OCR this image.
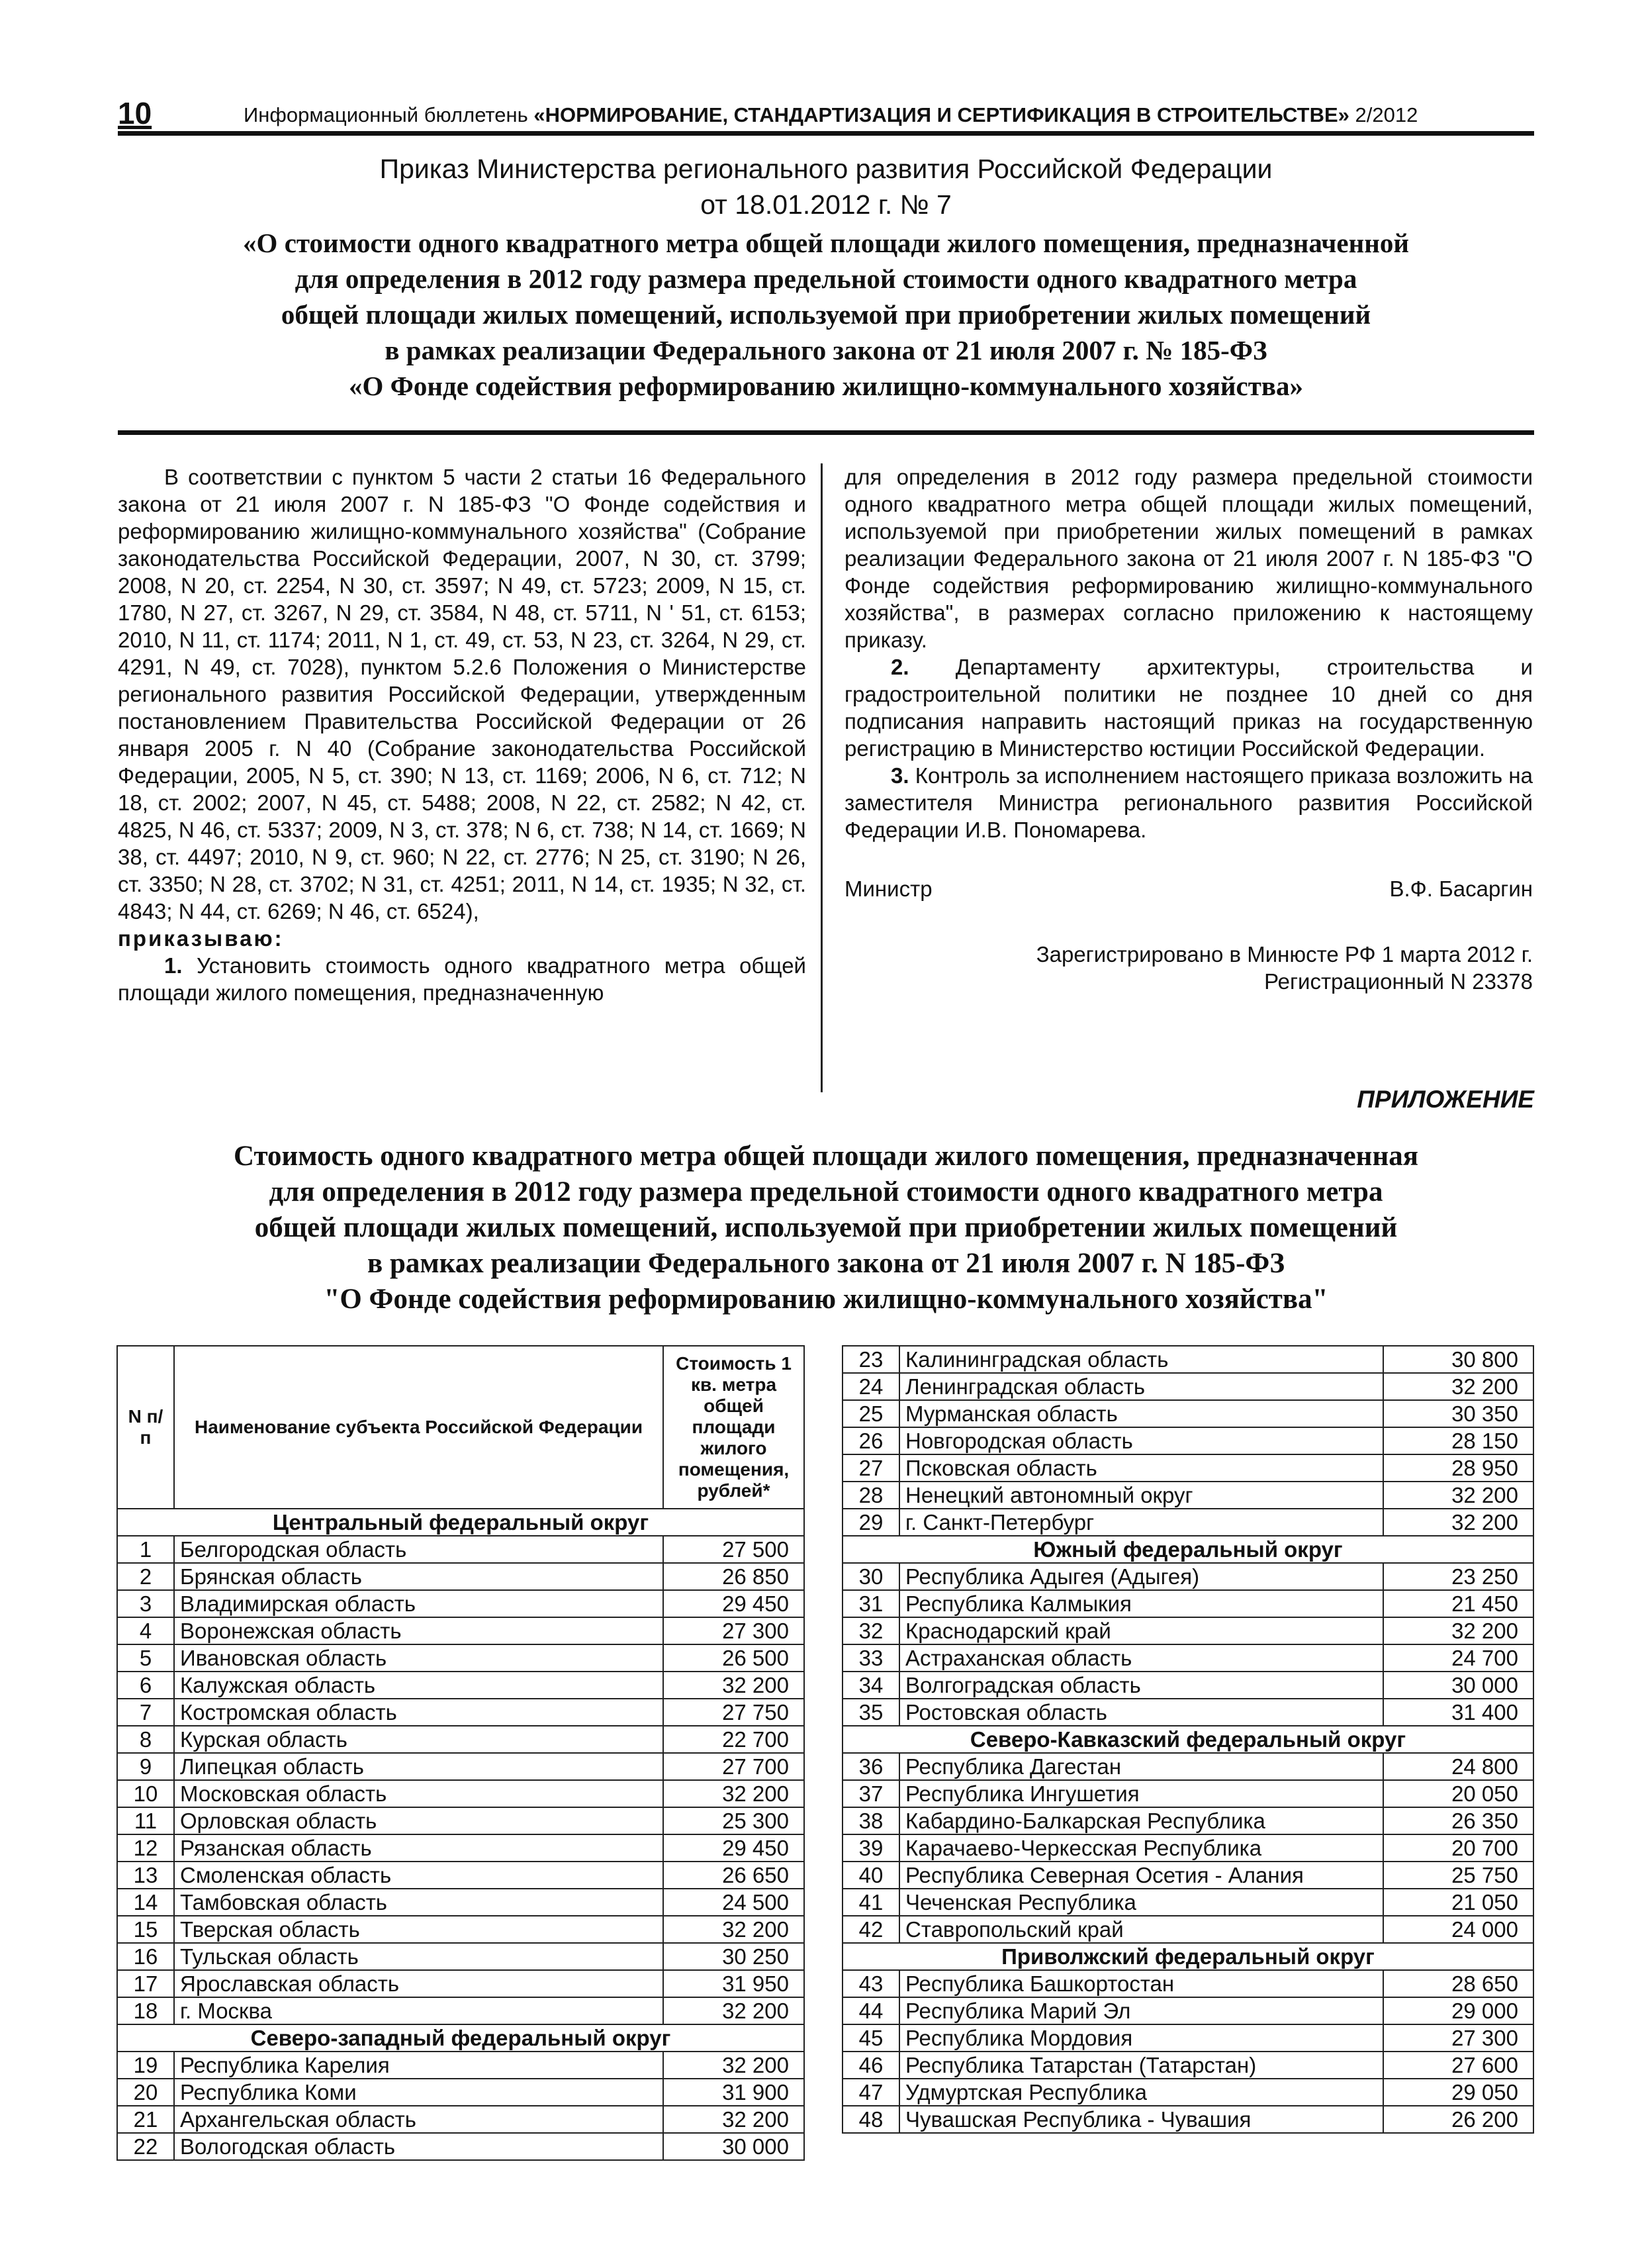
10	Информационный бюллетень «НОРМИРОВАНИЕ, СТАНДАРТИЗАЦИЯ И СЕРТИФИКАЦИЯ В СТРОИТЕЛЬСТВЕ» 2/2012
Приказ Министерства регионального развития Российской Федерации
от 18.01.2012 г. № 7
«О стоимости одного квадратного метра общей площади жилого помещения, предназначенной
для определения в 2012 году размера предельной стоимости одного квадратного метра
общей площади жилых помещений, используемой при приобретении жилых помещений
в рамках реализации Федерального закона от 21 июля 2007 г. № 185-ФЗ
«О Фонде содействия реформированию жилищно-коммунального хозяйства»

В соответствии с пунктом 5 части 2 статьи 16 Федерального закона от 21 июля 2007 г. N 185-ФЗ "О Фонде содействия и реформированию жилищно-коммунального хозяйства" (Собрание законодательства Российской Федерации, 2007, N 30, ст. 3799; 2008, N 20, ст. 2254, N 30, ст. 3597; N 49, ст. 5723; 2009, N 15, ст. 1780, N 27, ст. 3267, N 29, ст. 3584, N 48, ст. 5711, N ' 51, ст. 6153; 2010, N 11, ст. 1174; 2011, N 1, ст. 49, ст. 53, N 23, ст. 3264, N 29, ст. 4291, N 49, ст. 7028), пунктом 5.2.6 Положения о Министерстве регионального развития Российской Федерации, утвержденным постановлением Правительства Российской Федерации от 26 января 2005 г. N 40 (Собрание законодательства Российской Федерации, 2005, N 5, ст. 390; N 13, ст. 1169; 2006, N 6, ст. 712; N 18, ст. 2002; 2007, N 45, ст. 5488; 2008, N 22, ст. 2582; N 42, ст. 4825, N 46, ст. 5337; 2009, N 3, ст. 378; N 6, ст. 738; N 14, ст. 1669; N 38, ст. 4497; 2010, N 9, ст. 960; N 22, ст. 2776; N 25, ст. 3190; N 26, ст. 3350; N 28, ст. 3702; N 31, ст. 4251; 2011, N 14, ст. 1935; N 32, ст. 4843; N 44, ст. 6269; N 46, ст. 6524),

приказываю:

1. Установить стоимость одного квадратного метра общей площади жилого помещения, предназначенную

для определения в 2012 году размера предельной стоимости одного квадратного метра общей площади жилых помещений, используемой при приобретении жилых помещений в рамках реализации Федерального закона от 21 июля 2007 г. N 185-ФЗ "О Фонде содействия реформированию жилищно-коммунального хозяйства", в размерах согласно приложению к настоящему приказу.

2. Департаменту архитектуры, строительства и градостроительной политики не позднее 10 дней со дня подписания направить настоящий приказ на государственную регистрацию в Министерство юстиции Российской Федерации.

3. Контроль за исполнением настоящего приказа возложить на заместителя Министра регионального развития Российской Федерации И.В. Пономарева.

Министр	В.Ф. Басаргин
Зарегистрировано в Минюсте РФ 1 марта 2012 г.
Регистрационный N 23378
ПРИЛОЖЕНИЕ
Стоимость одного квадратного метра общей площади жилого помещения, предназначенная
для определения в 2012 году размера предельной стоимости одного квадратного метра
общей площади жилых помещений, используемой при приобретении жилых помещений
в рамках реализации Федерального закона от 21 июля 2007 г. N 185-ФЗ
"О Фонде содействия реформированию жилищно-коммунального хозяйства"
N п/п	Наименование субъекта Российской Федерации	Стоимость 1 кв. метра общей площади жилого помещения, рублей*
Центральный федеральный округ		
1	Белгородская область	27 500
2	Брянская область	26 850
3	Владимирская область	29 450
4	Воронежская область	27 300
5	Ивановская область	26 500
6	Калужская область	32 200
7	Костромская область	27 750
8	Курская область	22 700
9	Липецкая область	27 700
10	Московская область	32 200
11	Орловская область	25 300
12	Рязанская область	29 450
13	Смоленская область	26 650
14	Тамбовская область	24 500
15	Тверская область	32 200
16	Тульская область	30 250
17	Ярославская область	31 950
18	г. Москва	32 200
Северо-западный федеральный округ		
19	Республика Карелия	32 200
20	Республика Коми	31 900
21	Архангельская область	32 200
22	Вологодская область	30 000
23	Калининградская область	30 800
24	Ленинградская область	32 200
25	Мурманская область	30 350
26	Новгородская область	28 150
27	Псковская область	28 950
28	Ненецкий автономный округ	32 200
29	г. Санкт-Петербург	32 200
Южный федеральный округ		
30	Республика Адыгея (Адыгея)	23 250
31	Республика Калмыкия	21 450
32	Краснодарский край	32 200
33	Астраханская область	24 700
34	Волгоградская область	30 000
35	Ростовская область	31 400
Северо-Кавказский федеральный округ		
36	Республика Дагестан	24 800
37	Республика Ингушетия	20 050
38	Кабардино-Балкарская Республика	26 350
39	Карачаево-Черкесская Республика	20 700
40	Республика Северная Осетия - Алания	25 750
41	Чеченская Республика	21 050
42	Ставропольский край	24 000
Приволжский федеральный округ		
43	Республика Башкортостан	28 650
44	Республика Марий Эл	29 000
45	Республика Мордовия	27 300
46	Республика Татарстан (Татарстан)	27 600
47	Удмуртская Республика	29 050
48	Чувашская Республика - Чувашия	26 200
